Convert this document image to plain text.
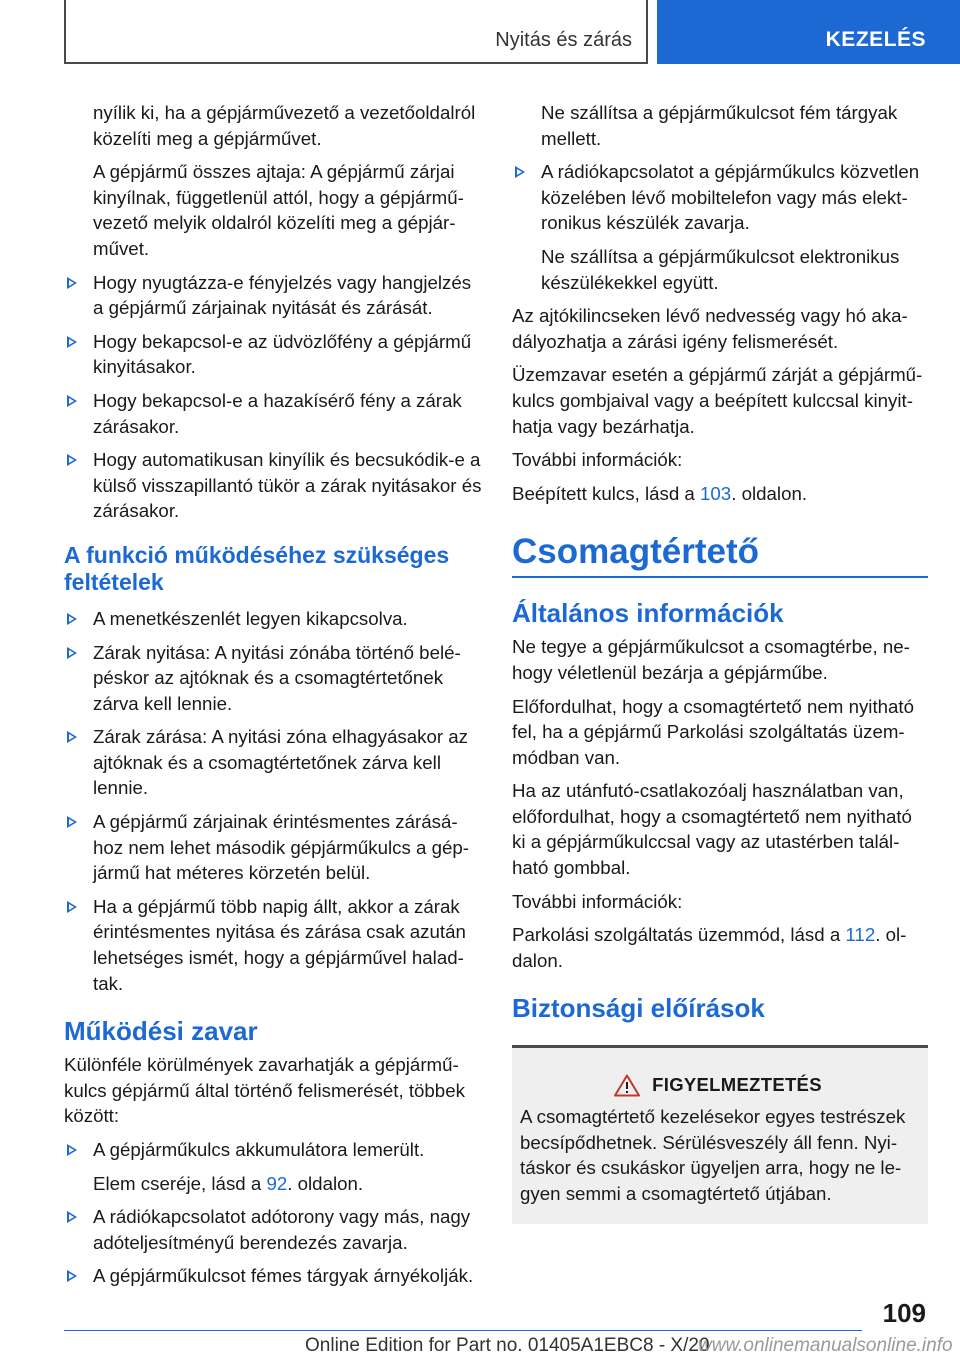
Nyitás és zárás	KEZELÉS

nyílik ki, ha a gépjárművezető a vezetőoldalról közelíti meg a gépjárművet.

A gépjármű összes ajtaja: A gépjármű zárjai kinyílnak, függetlenül attól, hogy a gépjármű-vezető melyik oldalról közelíti meg a gépjár-művet.

Hogy nyugtázza-e fényjelzés vagy hangjelzés a gépjármű zárjainak nyitását és zárását.
Hogy bekapcsol-e az üdvözlőfény a gépjármű kinyitásakor.
Hogy bekapcsol-e a hazakísérő fény a zárak zárásakor.
Hogy automatikusan kinyílik és becsukódik-e a külső visszapillantó tükör a zárak nyitásakor és zárásakor.
A funkció működéséhez szükséges feltételek
A menetkészenlét legyen kikapcsolva.
Zárak nyitása: A nyitási zónába történő belé-péskor az ajtóknak és a csomagtértetőnek zárva kell lennie.
Zárak zárása: A nyitási zóna elhagyásakor az ajtóknak és a csomagtértetőnek zárva kell lennie.
A gépjármű zárjainak érintésmentes zárásá-hoz nem lehet második gépjárműkulcs a gép-jármű hat méteres körzetén belül.
Ha a gépjármű több napig állt, akkor a zárak érintésmentes nyitása és zárása csak azután lehetséges ismét, hogy a gépjárművel halad-tak.
Működési zavar

Különféle körülmények zavarhatják a gépjármű-kulcs gépjármű által történő felismerését, többek között:

A gépjárműkulcs akkumulátora lemerült.

Elem cseréje, lásd a 92. oldalon.

A rádiókapcsolatot adótorony vagy más, nagy adóteljesítményű berendezés zavarja.
A gépjárműkulcsot fémes tárgyak árnyékolják.

Ne szállítsa a gépjárműkulcsot fém tárgyak mellett.

A rádiókapcsolatot a gépjárműkulcs közvetlen közelében lévő mobiltelefon vagy más elekt-ronikus készülék zavarja.

Ne szállítsa a gépjárműkulcsot elektronikus készülékekkel együtt.

Az ajtókilincseken lévő nedvesség vagy hó aka-dályozhatja a zárási igény felismerését.

Üzemzavar esetén a gépjármű zárját a gépjármű-kulcs gombjaival vagy a beépített kulccsal kinyit-hatja vagy bezárhatja.

További információk:

Beépített kulcs, lásd a 103. oldalon.

Csomagtértető
Általános információk

Ne tegye a gépjárműkulcsot a csomagtérbe, ne-hogy véletlenül bezárja a gépjárműbe.

Előfordulhat, hogy a csomagtértető nem nyitható fel, ha a gépjármű Parkolási szolgáltatás üzem-módban van.

Ha az utánfutó-csatlakozóalj használatban van, előfordulhat, hogy a csomagtértető nem nyitható ki a gépjárműkulccsal vagy az utastérben talál-ható gombbal.

További információk:

Parkolási szolgáltatás üzemmód, lásd a 112. ol-dalon.

Biztonsági előírások
FIGYELMEZTETÉS

A csomagtértető kezelésekor egyes testrészek becsípődhetnek. Sérülésveszély áll fenn. Nyi-táskor és csukáskor ügyeljen arra, hogy ne le-gyen semmi a csomagtértető útjában.

109
Online Edition for Part no. 01405A1EBC8 - X/20
www.onlinemanualsonline.info
